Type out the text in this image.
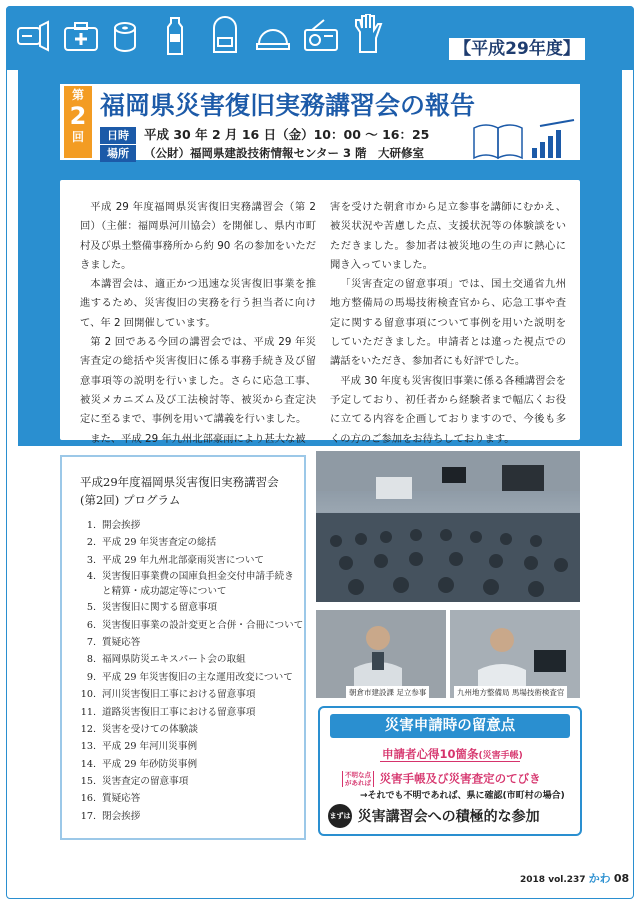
【平成29年度】
第
2
回
福岡県災害復旧実務講習会の報告
日時 平成 30 年 2 月 16 日（金）10：00 ～ 16：25
場所 （公財）福岡県建設技術情報センター 3 階　大研修室

平成 29 年度福岡県災害復旧実務講習会（第 2 回）（主催：福岡県河川協会）を開催し、県内市町村及び県土整備事務所から約 90 名の参加をいただきました。

本講習会は、適正かつ迅速な災害復旧事業を推進するため、災害復旧の実務を行う担当者に向けて、年 2 回開催しています。

第 2 回である今回の講習会では、平成 29 年災害査定の総括や災害復旧に係る事務手続き及び留意事項等の説明を行いました。さらに応急工事、被災メカニズム及び工法検討等、被災から査定決定に至るまで、事例を用いて講義を行いました。

また、平成 29 年九州北部豪雨により甚大な被

害を受けた朝倉市から足立参事を講師にむかえ、被災状況や苦慮した点、支援状況等の体験談をいただきました。参加者は被災地の生の声に熱心に聞き入っていました。

「災害査定の留意事項」では、国土交通省九州地方整備局の馬場技術検査官から、応急工事や査定に関する留意事項について事例を用いた説明をしていただきました。申請者とは違った視点での講話をいただき、参加者にも好評でした。

平成 30 年度も災害復旧事業に係る各種講習会を予定しており、初任者から経験者まで幅広くお役に立てる内容を企画しておりますので、今後も多くの方のご参加をお待ちしております。

平成29年度福岡県災害復旧実務講習会
(第2回) プログラム
1. 開会挨拶
2. 平成 29 年災害査定の総括
3. 平成 29 年九州北部豪雨災害について
4. 災害復旧事業費の国庫負担金交付申請手続きと精算・成功認定等について
5. 災害復旧に関する留意事項
6. 災害復旧事業の設計変更と合併・合冊について
7. 質疑応答
8. 福岡県防災エキスパート会の取組
9. 平成 29 年災害復旧の主な運用改変について
10. 河川災害復旧工事における留意事項
11. 道路災害復旧工事における留意事項
12. 災害を受けての体験談
13. 平成 29 年河川災事例
14. 平成 29 年砂防災事例
15. 災害査定の留意事項
16. 質疑応答
17. 閉会挨拶
朝倉市建設課 足立参事	九州地方整備局 馬場技術検査官
災害申請時の留意点
申請者心得10箇条(災害手帳)
不明な点があれば 災害手帳及び災害査定のてびき
→それでも不明であれば、県に確認(市町村の場合)
まずは 災害講習会への積極的な参加
2018 vol.237 かわ 08
